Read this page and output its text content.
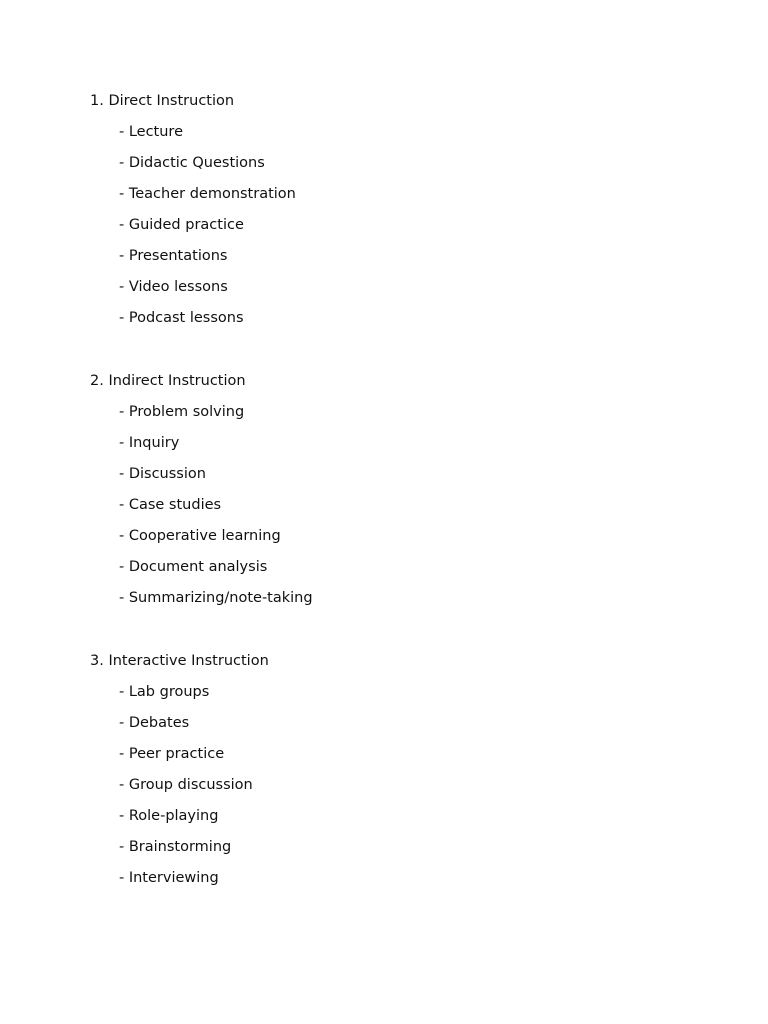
1. Direct Instruction
- Lecture
- Didactic Questions
- Teacher demonstration
- Guided practice
- Presentations
- Video lessons
- Podcast lessons
2. Indirect Instruction
- Problem solving
- Inquiry
- Discussion
- Case studies
- Cooperative learning
- Document analysis
- Summarizing/note-taking
3. Interactive Instruction
- Lab groups
- Debates
- Peer practice
- Group discussion
- Role-playing
- Brainstorming
- Interviewing
